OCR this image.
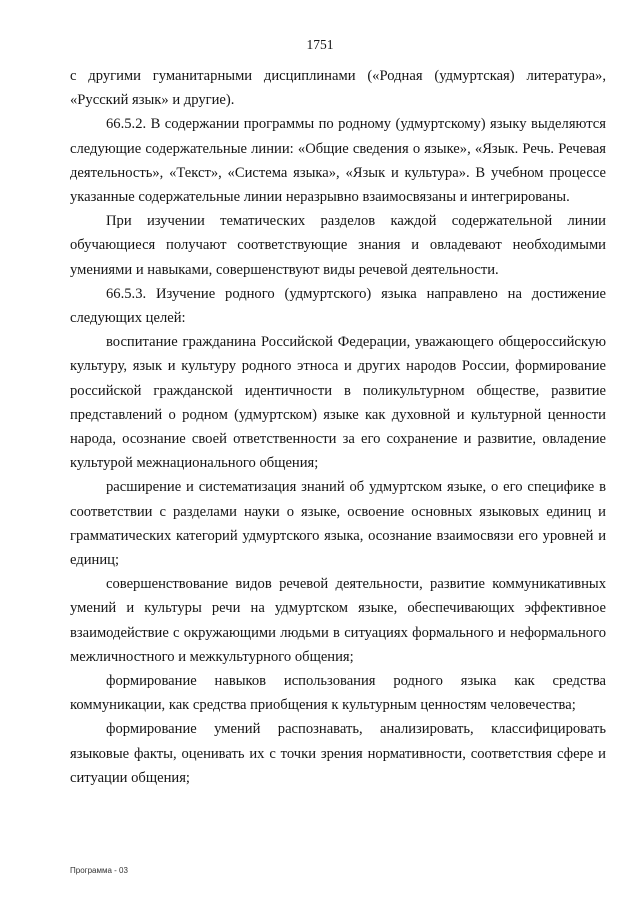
1751

с другими гуманитарными дисциплинами («Родная (удмуртская) литература», «Русский язык» и другие).

66.5.2. В содержании программы по родному (удмуртскому) языку выделяются следующие содержательные линии: «Общие сведения о языке», «Язык. Речь. Речевая деятельность», «Текст», «Система языка», «Язык и культура». В учебном процессе указанные содержательные линии неразрывно взаимосвязаны и интегрированы.

При изучении тематических разделов каждой содержательной линии обучающиеся получают соответствующие знания и овладевают необходимыми умениями и навыками, совершенствуют виды речевой деятельности.

66.5.3. Изучение родного (удмуртского) языка направлено на достижение следующих целей:

воспитание гражданина Российской Федерации, уважающего общероссийскую культуру, язык и культуру родного этноса и других народов России, формирование российской гражданской идентичности в поликультурном обществе, развитие представлений о родном (удмуртском) языке как духовной и культурной ценности народа, осознание своей ответственности за его сохранение и развитие, овладение культурой межнационального общения;

расширение и систематизация знаний об удмуртском языке, о его специфике в соответствии с разделами науки о языке, освоение основных языковых единиц и грамматических категорий удмуртского языка, осознание взаимосвязи его уровней и единиц;

совершенствование видов речевой деятельности, развитие коммуникативных умений и культуры речи на удмуртском языке, обеспечивающих эффективное взаимодействие с окружающими людьми в ситуациях формального и неформального межличностного и межкультурного общения;

формирование навыков использования родного языка как средства коммуникации, как средства приобщения к культурным ценностям человечества;

формирование умений распознавать, анализировать, классифицировать языковые факты, оценивать их с точки зрения нормативности, соответствия сфере и ситуации общения;

Программа - 03
